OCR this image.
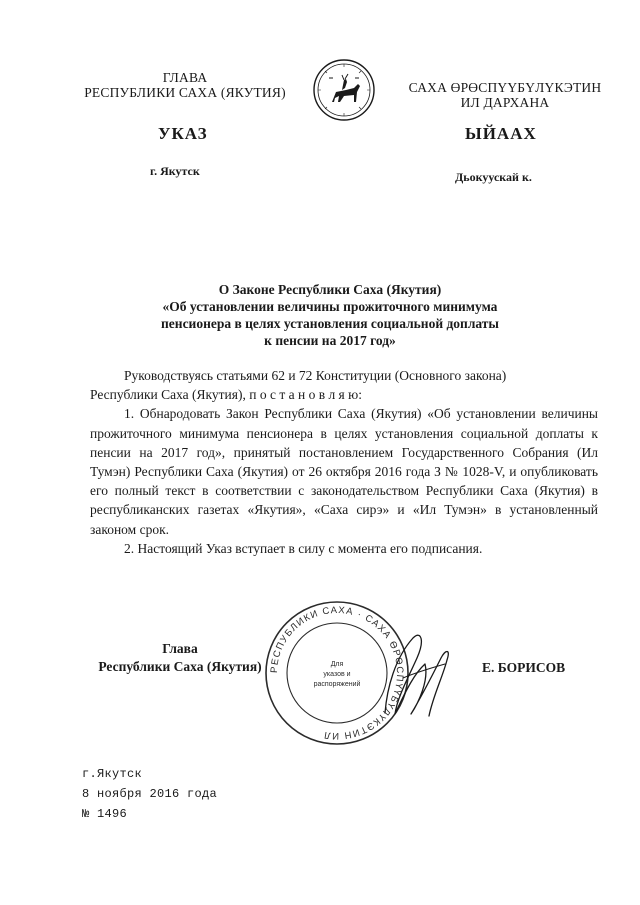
ГЛАВА
РЕСПУБЛИКИ САХА (ЯКУТИЯ)
УКАЗ
г. Якутск
САХА ӨРӨСПҮҮБҮЛҮКЭТИН
ИЛ ДАРХАНА
ЫЙААХ
Дьокуускай к.
О Законе Республики Саха (Якутия)
«Об установлении величины прожиточного минимума
пенсионера в целях установления социальной доплаты
к пенсии на 2017 год»

Руководствуясь статьями 62 и 72 Конституции (Основного закона)

Республики Саха (Якутия), п о с т а н о в л я ю:

1. Обнародовать Закон Республики Саха (Якутия) «Об установлении величины прожиточного минимума пенсионера в целях установления социальной доплаты к пенсии на 2017 год», принятый постановлением Государственного Собрания (Ил Тумэн) Республики Саха (Якутия) от 26 октября 2016 года З № 1028-V, и опубликовать его полный текст в соответствии с законодательством Республики Саха (Якутия) в республиканских газетах «Якутия», «Саха сирэ» и «Ил Тумэн» в установленный законом срок.

2. Настоящий Указ вступает в силу с момента его подписания.

Глава
Республики Саха (Якутия) РЕСПУБЛИКИ САХА · САХА ӨРӨСПҮҮБҮЛҮКЭТИН ИЛ
Для
указов и
распоряжений
Е. БОРИСОВ
г.Якутск
8 ноября 2016 года
№ 1496
